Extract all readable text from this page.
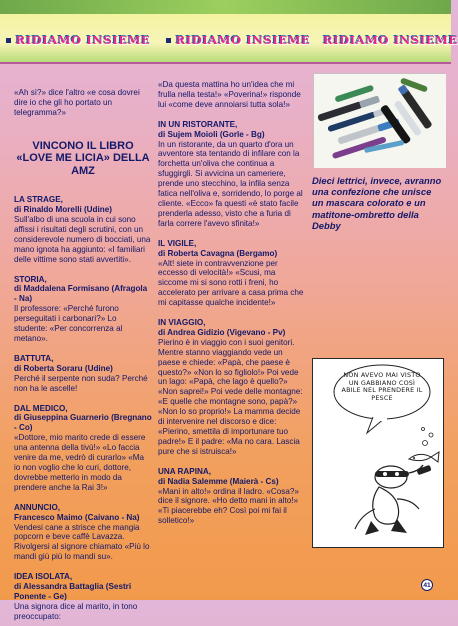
RIDIAMO INSIEME RIDIAMO INSIEME RIDIAMO INSIEME

«Ah sì?» dice l'altro «e cosa dovrei dire io che gli ho portato un telegramma?»

VINCONO IL LIBRO «LOVE ME LICIA» DELLA AMZ
LA STRAGE,
di Rinaldo Morelli (Udine)

Sull'albo di una scuola in cui sono affissi i risultati degli scrutini, con un considerevole numero di bocciati, una mano ignota ha aggiunto: «I familiari delle vittime sono stati avvertiti».

STORIA,
di Maddalena Formisano (Afragola - Na)

Il professore: «Perché furono perseguitati i carbonari?» Lo studente: «Per concorrenza al metano».

BATTUTA,
di Roberta Soraru (Udine)

Perché il serpente non suda? Perché non ha le ascelle!

DAL MEDICO,
di Giuseppina Guarnerio (Bregnano - Co)

«Dottore, mio marito crede di essere una antenna della tivù!» «Lo faccia venire da me, vedrò di curarlo» «Ma io non voglio che lo curi, dottore, dovrebbe metterlo in modo da prendere anche la Rai 3!»

ANNUNCIO,
Francesco Maimo (Caivano - Na)

Vendesi cane a strisce che mangia popcorn e beve caffè Lavazza. Rivolgersi al signore chiamato «Più lo mandi giù più lo mandi su».

IDEA ISOLATA,
di Alessandra Battaglia (Sestri Ponente - Ge)

Una signora dice al marito, in tono preoccupato:

«Da questa mattina ho un'idea che mi frulla nella testa!» «Poverina!» risponde lui «come deve annoiarsi tutta sola!»

IN UN RISTORANTE,
di Sujem Moioli (Gorle - Bg)

In un ristorante, da un quarto d'ora un avventore sta tentando di infilare con la forchetta un'oliva che continua a sfuggirgli. Si avvicina un cameriere, prende uno stecchino, la infila senza fatica nell'oliva e, sorridendo, lo porge al cliente. «Ecco» fa questi «è stato facile prenderla adesso, visto che a furia di farla correre l'avevo sfinita!»

IL VIGILE,
di Roberta Cavagna (Bergamo)

«Alt! siete in contravvenzione per eccesso di velocità!» «Scusi, ma siccome mi si sono rotti i freni, ho accelerato per arrivare a casa prima che mi capitasse qualche incidente!»

IN VIAGGIO,
di Andrea Gidizio (Vigevano - Pv)

Pierino è in viaggio con i suoi genitori. Mentre stanno viaggiando vede un paese e chiede: «Papà, che paese è questo?» «Non lo so figliolo!» Poi vede un lago: «Papà, che lago è quello?» «Non saprei!» Poi vede delle montagne: «E quelle che montagne sono, papà?» «Non lo so proprio!» La mamma decide di intervenire nel discorso e dice: «Pierino, smettila di importunare tuo padre!» E il padre: «Ma no cara. Lascia pure che si istruisca!»

UNA RAPINA,
di Nadia Salemme (Maierà - Cs)

«Mani in alto!» ordina il ladro. «Cosa?» dice il signore. «Ho detto mani in alto!» «Ti piacerebbe eh? Così poi mi fai il solletico!»

Dieci lettrici, invece, avranno una confezione che unisce un mascara colorato e un matitone-ombretto della Debby

NON AVEVO MAI VISTO UN GABBIANO COSÌ ABILE NEL PRENDERE IL PESCE
41
